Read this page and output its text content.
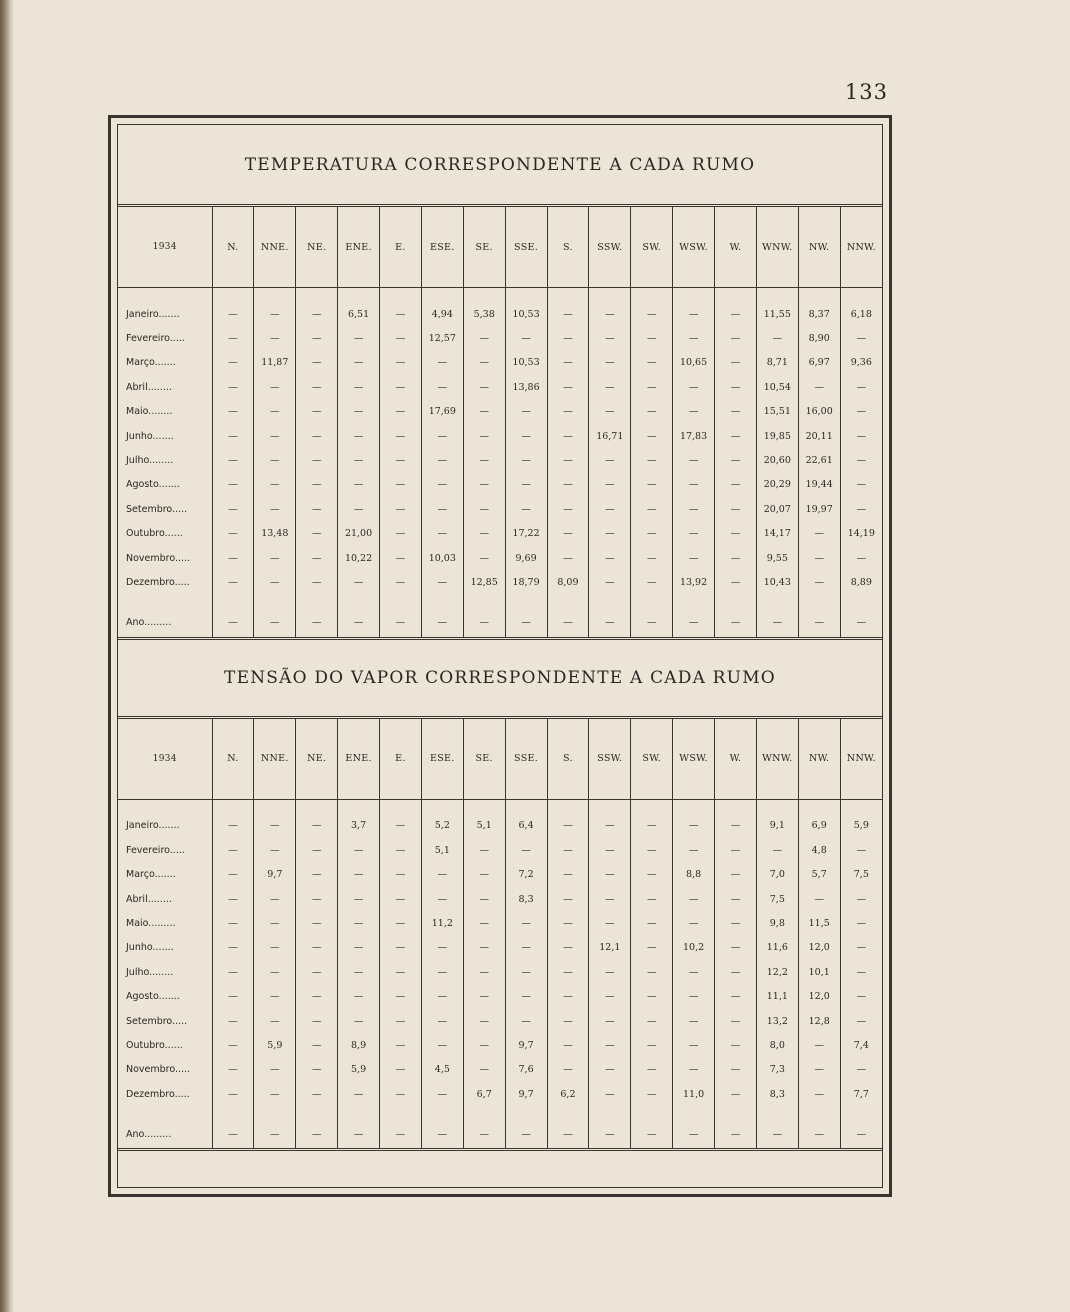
133
TEMPERATURA CORRESPONDENTE A CADA RUMO
1934	N.	NNE.	NE.	ENE.	E.	ESE.	SE.	SSE.	S.	SSW.	SW.	WSW.	W.	WNW.	NW.	NNW.
Janeiro.......	—	—	—	6,51	—	4,94	5,38	10,53	—	—	—	—	—	11,55	8,37	6,18
Fevereiro.....	—	—	—	—	—	12,57	—	—	—	—	—	—	—	—	8,90	—
Março.......	—	11,87	—	—	—	—	—	10,53	—	—	—	10,65	—	8,71	6,97	9,36
Abril........	—	—	—	—	—	—	—	13,86	—	—	—	—	—	10,54	—	—
Maio........	—	—	—	—	—	17,69	—	—	—	—	—	—	—	15,51	16,00	—
Junho.......	—	—	—	—	—	—	—	—	—	16,71	—	17,83	—	19,85	20,11	—
Julho........	—	—	—	—	—	—	—	—	—	—	—	—	—	20,60	22,61	—
Agosto.......	—	—	—	—	—	—	—	—	—	—	—	—	—	20,29	19,44	—
Setembro.....	—	—	—	—	—	—	—	—	—	—	—	—	—	20,07	19,97	—
Outubro......	—	13,48	—	21,00	—	—	—	17,22	—	—	—	—	—	14,17	—	14,19
Novembro.....	—	—	—	10,22	—	10,03	—	9,69	—	—	—	—	—	9,55	—	—
Dezembro.....	—	—	—	—	—	—	12,85	18,79	8,09	—	—	13,92	—	10,43	—	8,89
Ano.........	—	—	—	—	—	—	—	—	—	—	—	—	—	—	—	—
TENSÃO DO VAPOR CORRESPONDENTE A CADA RUMO
1934	N.	NNE.	NE.	ENE.	E.	ESE.	SE.	SSE.	S.	SSW.	SW.	WSW.	W.	WNW.	NW.	NNW.
Janeiro.......	—	—	—	3,7	—	5,2	5,1	6,4	—	—	—	—	—	9,1	6,9	5,9
Fevereiro.....	—	—	—	—	—	5,1	—	—	—	—	—	—	—	—	4,8	—
Março.......	—	9,7	—	—	—	—	—	7,2	—	—	—	8,8	—	7,0	5,7	7,5
Abril........	—	—	—	—	—	—	—	8,3	—	—	—	—	—	7,5	—	—
Maio.........	—	—	—	—	—	11,2	—	—	—	—	—	—	—	9,8	11,5	—
Junho.......	—	—	—	—	—	—	—	—	—	12,1	—	10,2	—	11,6	12,0	—
Julho........	—	—	—	—	—	—	—	—	—	—	—	—	—	12,2	10,1	—
Agosto.......	—	—	—	—	—	—	—	—	—	—	—	—	—	11,1	12,0	—
Setembro.....	—	—	—	—	—	—	—	—	—	—	—	—	—	13,2	12,8	—
Outubro......	—	5,9	—	8,9	—	—	—	9,7	—	—	—	—	—	8,0	—	7,4
Novembro.....	—	—	—	5,9	—	4,5	—	7,6	—	—	—	—	—	7,3	—	—
Dezembro.....	—	—	—	—	—	—	6,7	9,7	6,2	—	—	11,0	—	8,3	—	7,7
Ano.........	—	—	—	—	—	—	—	—	—	—	—	—	—	—	—	—
